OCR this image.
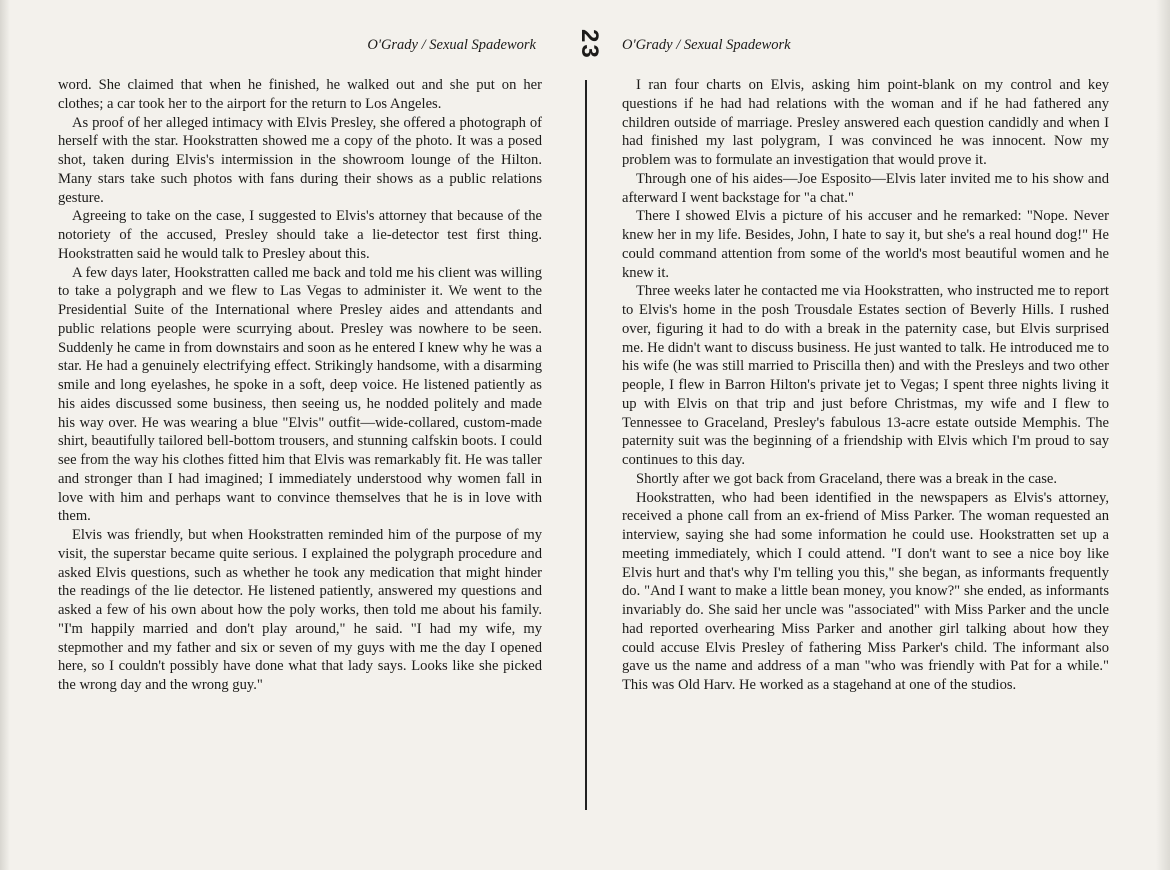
O'Grady / Sexual Spadework

word. She claimed that when he finished, he walked out and she put on her clothes; a car took her to the airport for the return to Los Angeles.

As proof of her alleged intimacy with Elvis Presley, she offered a photograph of herself with the star. Hookstratten showed me a copy of the photo. It was a posed shot, taken during Elvis's intermission in the showroom lounge of the Hilton. Many stars take such photos with fans during their shows as a public relations gesture.

Agreeing to take on the case, I suggested to Elvis's attorney that because of the notoriety of the accused, Presley should take a lie-detector test first thing. Hookstratten said he would talk to Presley about this.

A few days later, Hookstratten called me back and told me his client was willing to take a polygraph and we flew to Las Vegas to administer it. We went to the Presidential Suite of the International where Presley aides and attendants and public relations people were scurrying about. Presley was nowhere to be seen. Suddenly he came in from downstairs and soon as he entered I knew why he was a star. He had a genuinely electrifying effect. Strikingly handsome, with a disarming smile and long eyelashes, he spoke in a soft, deep voice. He listened patiently as his aides discussed some business, then seeing us, he nodded politely and made his way over. He was wearing a blue "Elvis" outfit—wide-collared, custom-made shirt, beautifully tailored bell-bottom trousers, and stunning calfskin boots. I could see from the way his clothes fitted him that Elvis was remarkably fit. He was taller and stronger than I had imagined; I immediately understood why women fall in love with him and perhaps want to convince themselves that he is in love with them.

Elvis was friendly, but when Hookstratten reminded him of the purpose of my visit, the superstar became quite serious. I explained the polygraph procedure and asked Elvis questions, such as whether he took any medication that might hinder the readings of the lie detector. He listened patiently, answered my questions and asked a few of his own about how the poly works, then told me about his family. "I'm happily married and don't play around," he said. "I had my wife, my stepmother and my father and six or seven of my guys with me the day I opened here, so I couldn't possibly have done what that lady says. Looks like she picked the wrong day and the wrong guy."

23 O'Grady / Sexual Spadework

I ran four charts on Elvis, asking him point-blank on my control and key questions if he had had relations with the woman and if he had fathered any children outside of marriage. Presley answered each question candidly and when I had finished my last polygram, I was convinced he was innocent. Now my problem was to formulate an investigation that would prove it.

Through one of his aides—Joe Esposito—Elvis later invited me to his show and afterward I went backstage for "a chat."

There I showed Elvis a picture of his accuser and he remarked: "Nope. Never knew her in my life. Besides, John, I hate to say it, but she's a real hound dog!" He could command attention from some of the world's most beautiful women and he knew it.

Three weeks later he contacted me via Hookstratten, who instructed me to report to Elvis's home in the posh Trousdale Estates section of Beverly Hills. I rushed over, figuring it had to do with a break in the paternity case, but Elvis surprised me. He didn't want to discuss business. He just wanted to talk. He introduced me to his wife (he was still married to Priscilla then) and with the Presleys and two other people, I flew in Barron Hilton's private jet to Vegas; I spent three nights living it up with Elvis on that trip and just before Christmas, my wife and I flew to Tennessee to Graceland, Presley's fabulous 13-acre estate outside Memphis. The paternity suit was the beginning of a friendship with Elvis which I'm proud to say continues to this day.

Shortly after we got back from Graceland, there was a break in the case.

Hookstratten, who had been identified in the newspapers as Elvis's attorney, received a phone call from an ex-friend of Miss Parker. The woman requested an interview, saying she had some information he could use. Hookstratten set up a meeting immediately, which I could attend. "I don't want to see a nice boy like Elvis hurt and that's why I'm telling you this," she began, as informants frequently do. "And I want to make a little bean money, you know?" she ended, as informants invariably do. She said her uncle was "associated" with Miss Parker and the uncle had reported overhearing Miss Parker and another girl talking about how they could accuse Elvis Presley of fathering Miss Parker's child. The informant also gave us the name and address of a man "who was friendly with Pat for a while." This was Old Harv. He worked as a stagehand at one of the studios.
